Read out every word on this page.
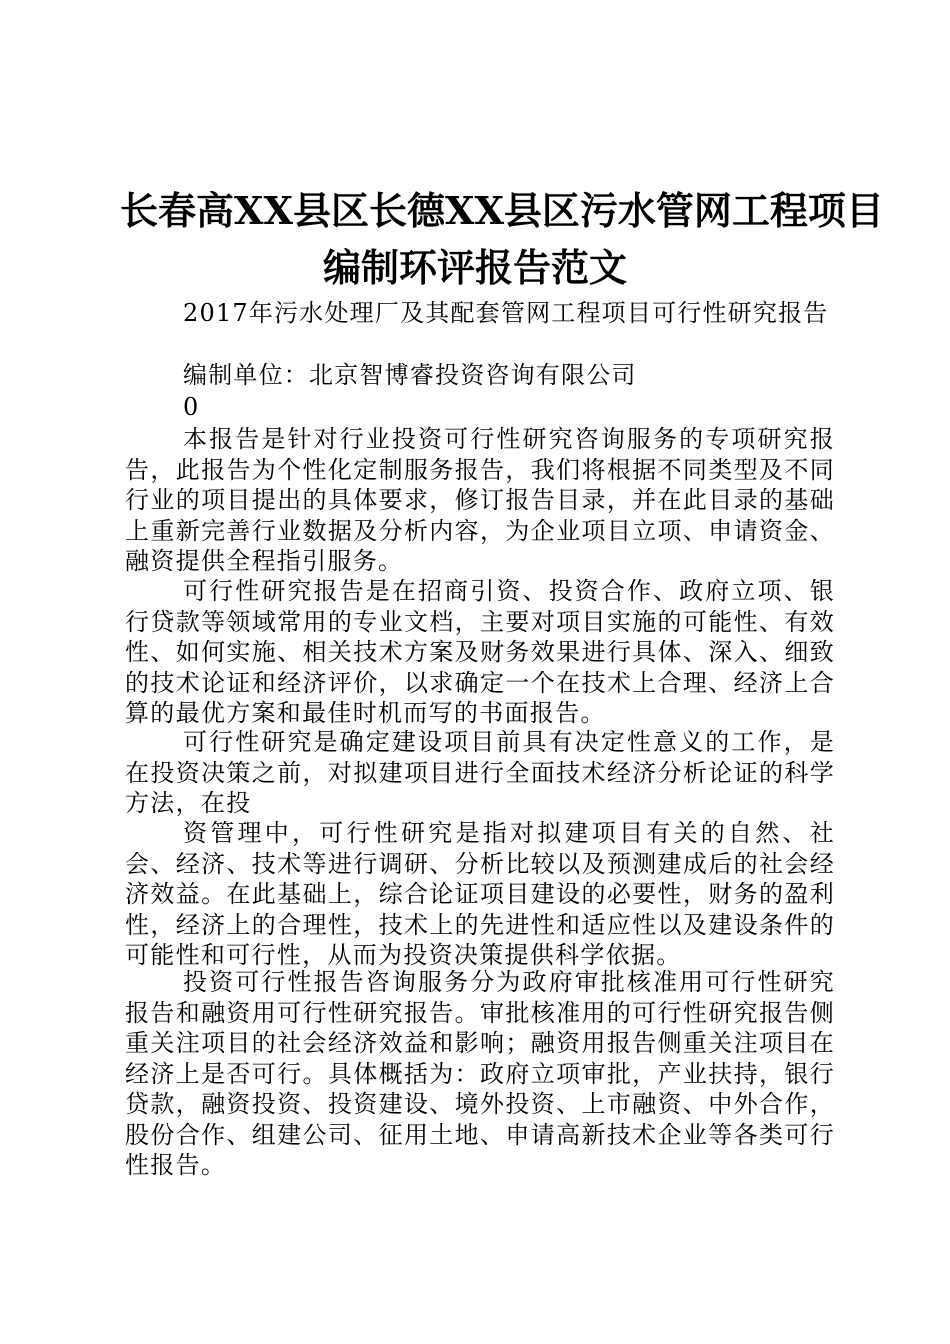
长春高XX县区长德XX县区污水管网工程项目
编制环评报告范文
2017年污水处理厂及其配套管网工程项目可行性研究报告
编制单位：北京智博睿投资咨询有限公司
0
本报告是针对行业投资可行性研究咨询服务的专项研究报告，此报告为个性化定制服务报告，我们将根据不同类型及不同行业的项目提出的具体要求，修订报告目录，并在此目录的基础上重新完善行业数据及分析内容，为企业项目立项、申请资金、融资提供全程指引服务。
可行性研究报告是在招商引资、投资合作、政府立项、银行贷款等领域常用的专业文档，主要对项目实施的可能性、有效性、如何实施、相关技术方案及财务效果进行具体、深入、细致的技术论证和经济评价，以求确定一个在技术上合理、经济上合算的最优方案和最佳时机而写的书面报告。
可行性研究是确定建设项目前具有决定性意义的工作，是在投资决策之前，对拟建项目进行全面技术经济分析论证的科学方法，在投
资管理中，可行性研究是指对拟建项目有关的自然、社会、经济、技术等进行调研、分析比较以及预测建成后的社会经济效益。在此基础上，综合论证项目建设的必要性，财务的盈利性，经济上的合理性，技术上的先进性和适应性以及建设条件的可能性和可行性，从而为投资决策提供科学依据。
投资可行性报告咨询服务分为政府审批核准用可行性研究报告和融资用可行性研究报告。审批核准用的可行性研究报告侧重关注项目的社会经济效益和影响；融资用报告侧重关注项目在经济上是否可行。具体概括为：政府立项审批，产业扶持，银行贷款，融资投资、投资建设、境外投资、上市融资、中外合作，股份合作、组建公司、征用土地、申请高新技术企业等各类可行性报告。
